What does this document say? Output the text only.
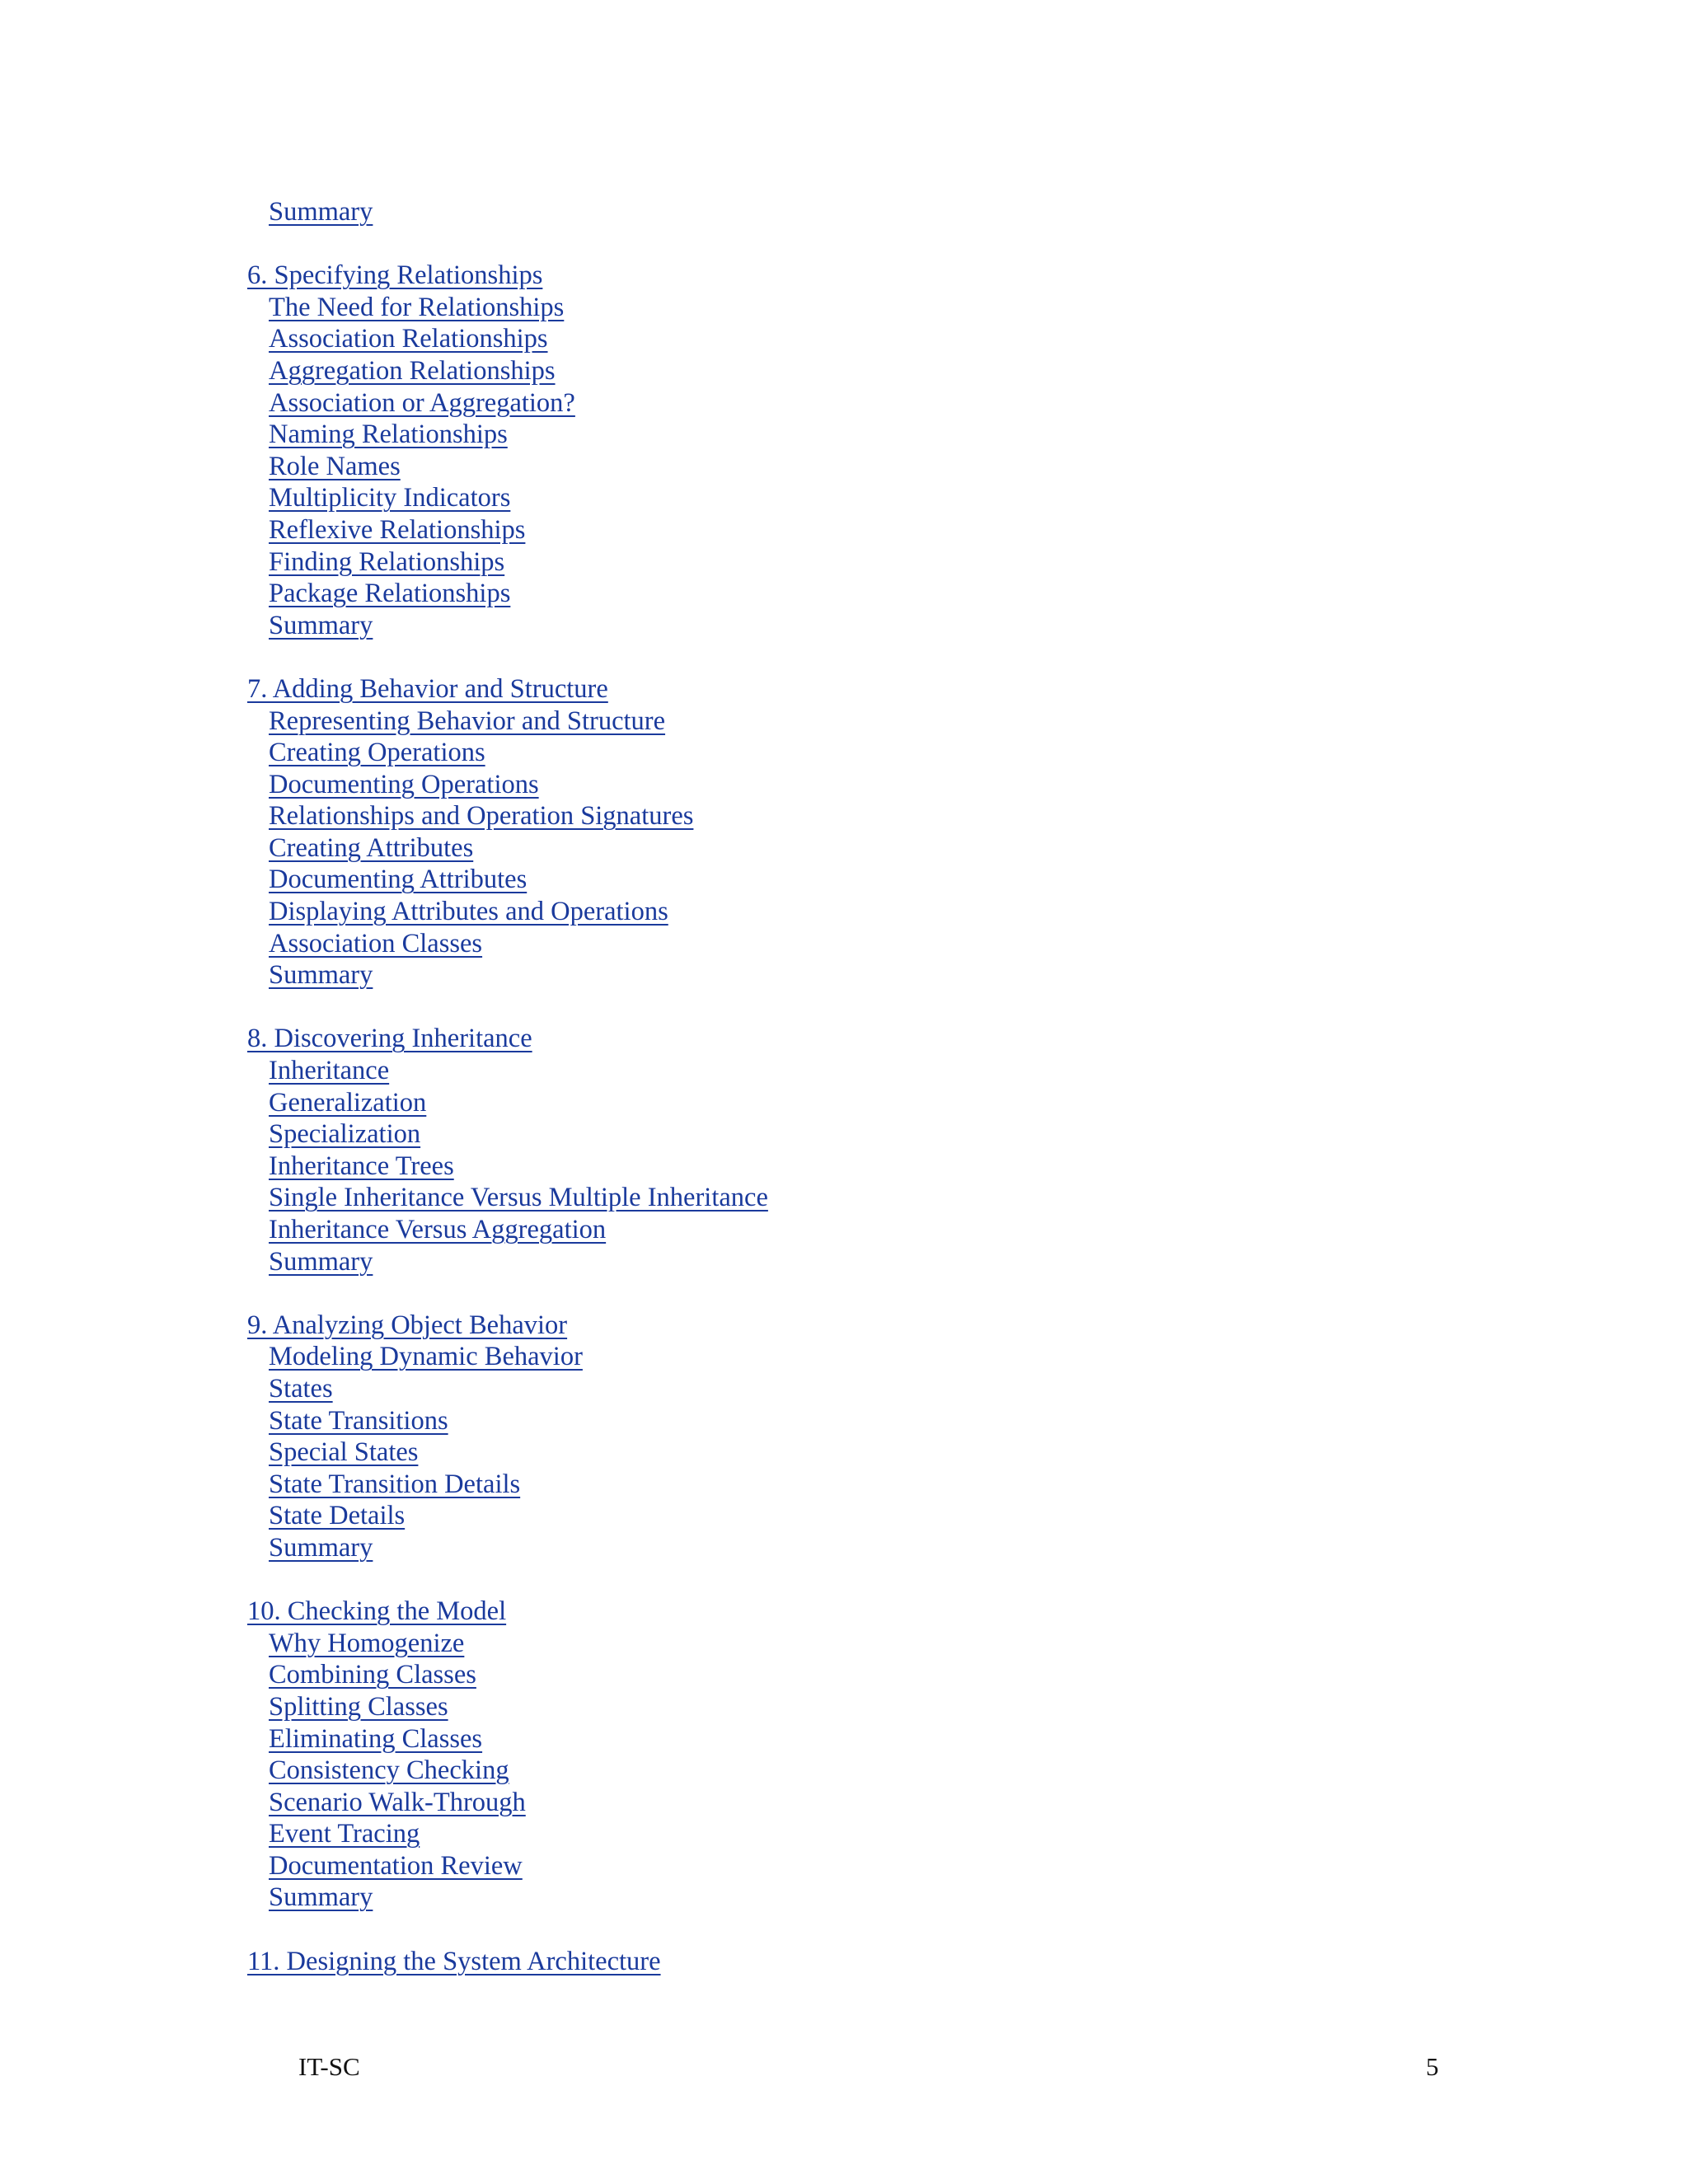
Summary
6. Specifying Relationships
The Need for Relationships
Association Relationships
Aggregation Relationships
Association or Aggregation?
Naming Relationships
Role Names
Multiplicity Indicators
Reflexive Relationships
Finding Relationships
Package Relationships
Summary
7. Adding Behavior and Structure
Representing Behavior and Structure
Creating Operations
Documenting Operations
Relationships and Operation Signatures
Creating Attributes
Documenting Attributes
Displaying Attributes and Operations
Association Classes
Summary
8. Discovering Inheritance
Inheritance
Generalization
Specialization
Inheritance Trees
Single Inheritance Versus Multiple Inheritance
Inheritance Versus Aggregation
Summary
9. Analyzing Object Behavior
Modeling Dynamic Behavior
States
State Transitions
Special States
State Transition Details
State Details
Summary
10. Checking the Model
Why Homogenize
Combining Classes
Splitting Classes
Eliminating Classes
Consistency Checking
Scenario Walk-Through
Event Tracing
Documentation Review
Summary
11. Designing the System Architecture
IT-SC	5
